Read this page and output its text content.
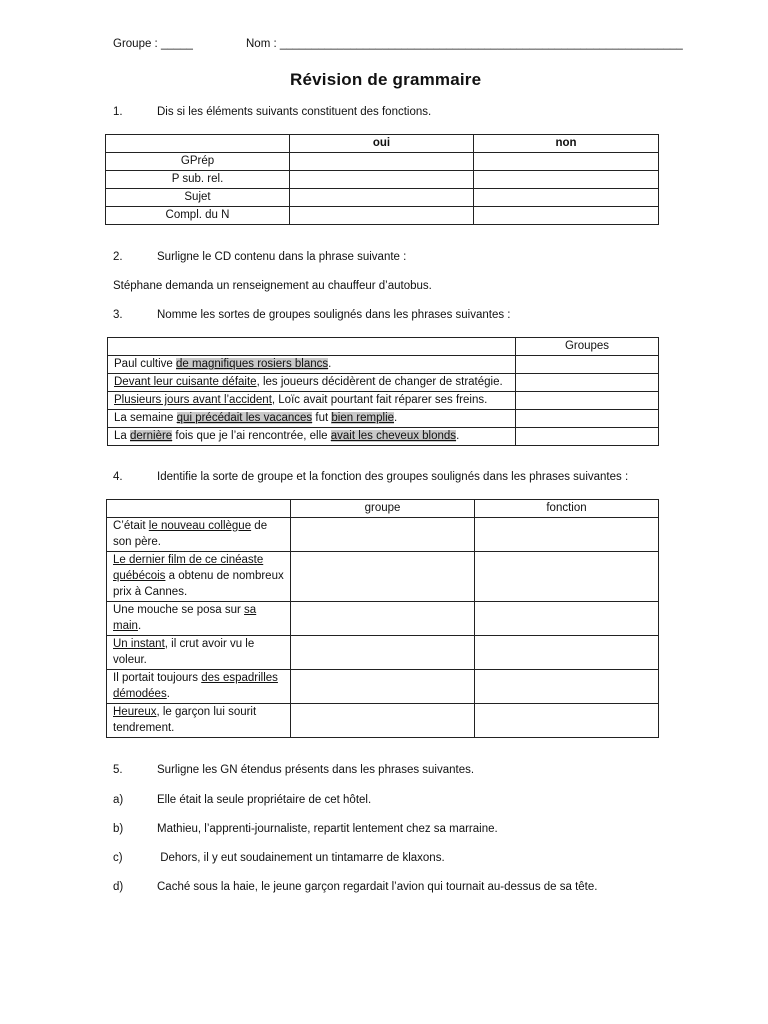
Groupe : _____	Nom : _______________________________________________________________
Révision de grammaire
1.	Dis si les éléments suivants constituent des fonctions.
	oui	non
GPrép		
P sub. rel.		
Sujet		
Compl. du N		
2.	Surligne le CD contenu dans la phrase suivante :
Stéphane demanda un renseignement au chauffeur d’autobus.
3.	Nomme les sortes de groupes soulignés dans les phrases suivantes :
	Groupes
Paul cultive de magnifiques rosiers blancs.	
Devant leur cuisante défaite, les joueurs décidèrent de changer de stratégie.	
Plusieurs jours avant l’accident, Loïc avait pourtant fait réparer ses freins.	
La semaine qui précédait les vacances fut bien remplie.	
La dernière fois que je l’ai rencontrée, elle avait les cheveux blonds.	
4.	Identifie la sorte de groupe et la fonction des groupes soulignés dans les phrases suivantes :
	groupe	fonction
C’était le nouveau collègue de son père.		
Le dernier film de ce cinéaste québécois a obtenu de nombreux prix à Cannes.		
Une mouche se posa sur sa main.		
Un instant, il crut avoir vu le voleur.		
Il portait toujours des espadrilles démodées.		
Heureux, le garçon lui sourit tendrement.		
5.	Surligne les GN étendus présents dans les phrases suivantes.
a)	Elle était la seule propriétaire de cet hôtel.
b)	Mathieu, l’apprenti-journaliste, repartit lentement chez sa marraine.
c)	Dehors, il y eut soudainement un tintamarre de klaxons.
d)	Caché sous la haie, le jeune garçon regardait l’avion qui tournait au-dessus de sa tête.
